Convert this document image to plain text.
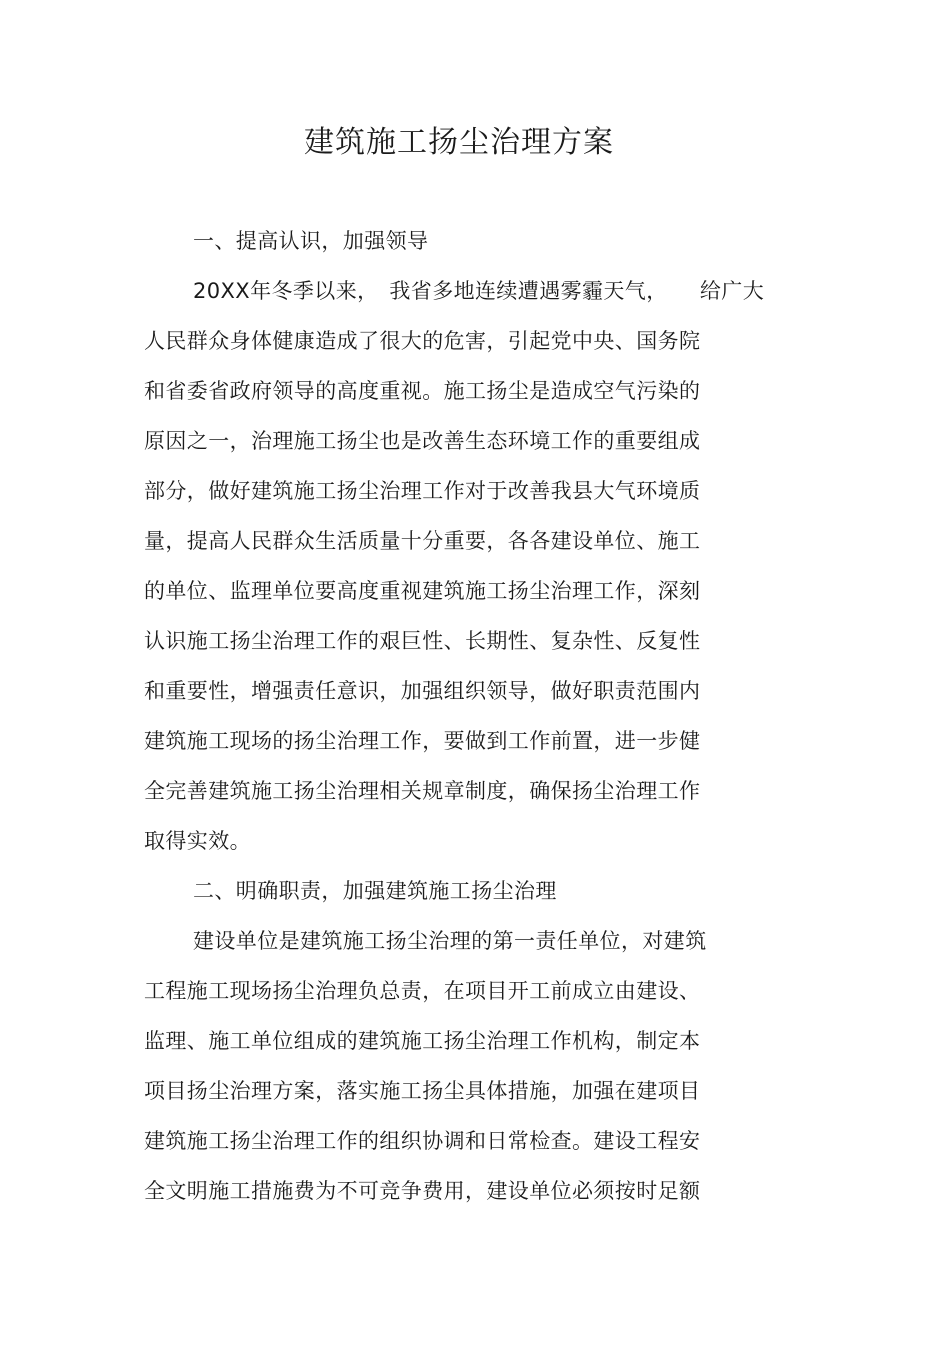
建筑施工扬尘治理方案
一、提高认识，加强领导
20XX年冬季以来，　我省多地连续遭遇雾霾天气，　　给广大
人民群众身体健康造成了很大的危害，引起党中央、国务院
和省委省政府领导的高度重视。施工扬尘是造成空气污染的
原因之一，治理施工扬尘也是改善生态环境工作的重要组成
部分，做好建筑施工扬尘治理工作对于改善我县大气环境质
量，提高人民群众生活质量十分重要，各各建设单位、施工
的单位、监理单位要高度重视建筑施工扬尘治理工作，深刻
认识施工扬尘治理工作的艰巨性、长期性、复杂性、反复性
和重要性，增强责任意识，加强组织领导，做好职责范围内
建筑施工现场的扬尘治理工作，要做到工作前置，进一步健
全完善建筑施工扬尘治理相关规章制度，确保扬尘治理工作
取得实效。
二、明确职责，加强建筑施工扬尘治理
建设单位是建筑施工扬尘治理的第一责任单位，对建筑
工程施工现场扬尘治理负总责，在项目开工前成立由建设、
监理、施工单位组成的建筑施工扬尘治理工作机构，制定本
项目扬尘治理方案，落实施工扬尘具体措施，加强在建项目
建筑施工扬尘治理工作的组织协调和日常检查。建设工程安
全文明施工措施费为不可竞争费用，建设单位必须按时足额
